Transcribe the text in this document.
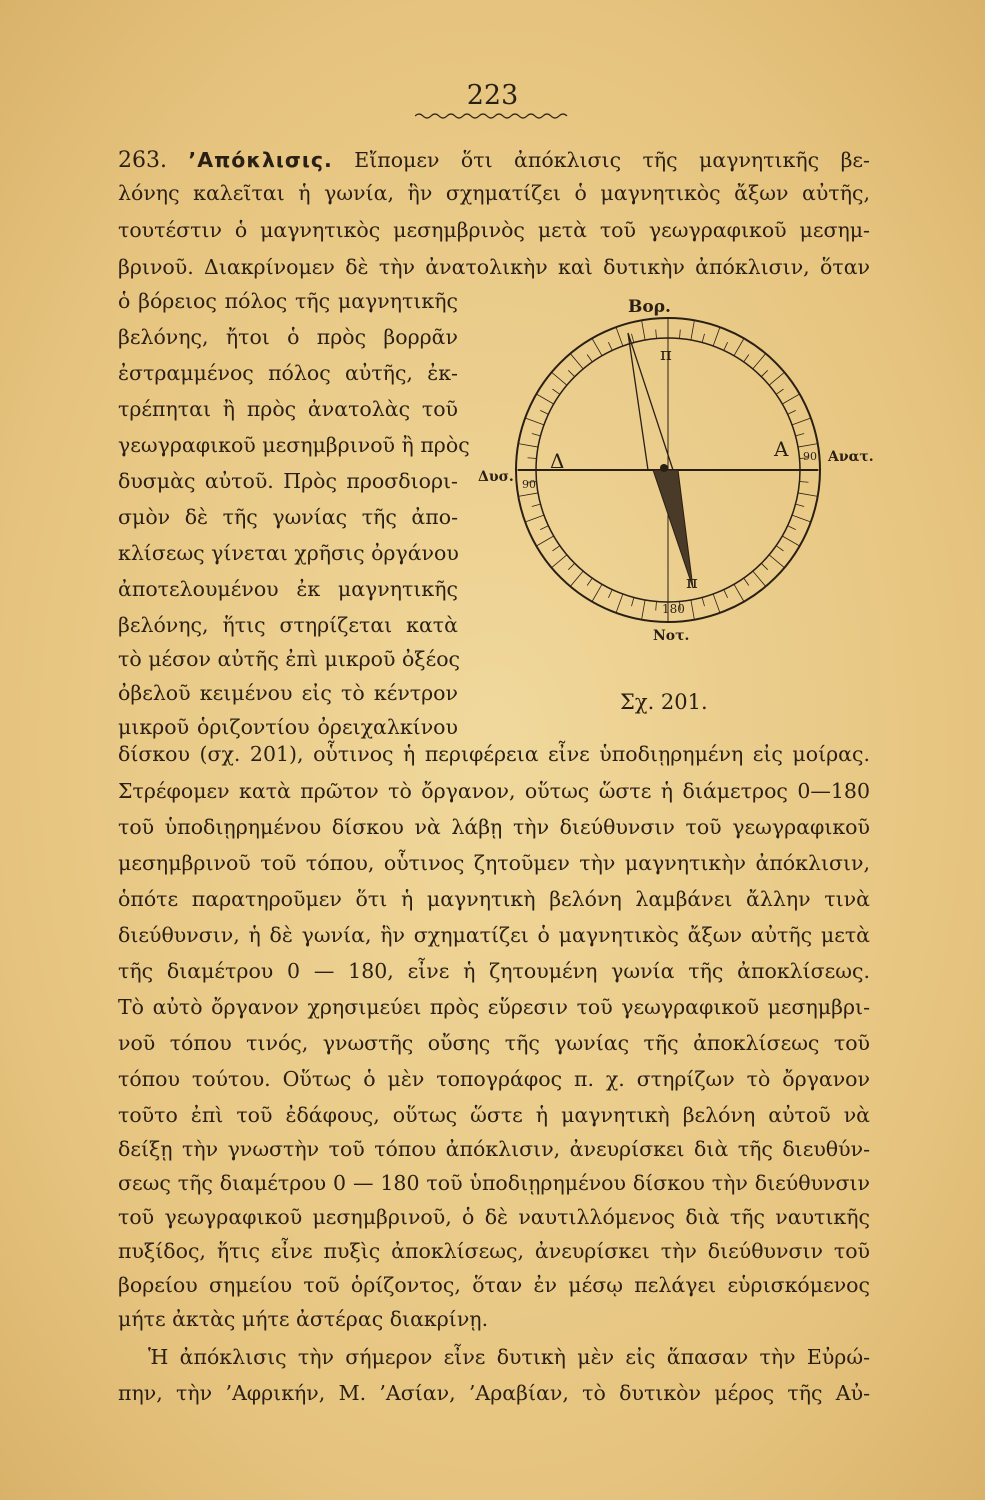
223
263. ’Απόκλισις. Εἴπομεν ὅτι ἀπόκλισις τῆς μαγνητικῆς βε-
λόνης καλεῖται ἡ γωνία, ἣν σχηματίζει ὁ μαγνητικὸς ἄξων αὐτῆς,
τουτέστιν ὁ μαγνητικὸς μεσημβρινὸς μετὰ τοῦ γεωγραφικοῦ μεσημ-
βρινοῦ. Διακρίνομεν δὲ τὴν ἀνατολικὴν καὶ δυτικὴν ἀπόκλισιν, ὅταν
ὁ βόρειος πόλος τῆς μαγνητικῆς
βελόνης, ἤτοι ὁ πρὸς βορρᾶν
ἐστραμμένος πόλος αὐτῆς, ἐκ-
τρέπηται ἢ πρὸς ἀνατολὰς τοῦ
γεωγραφικοῦ μεσημβρινοῦ ἢ πρὸς
δυσμὰς αὐτοῦ. Πρὸς προσδιορι-
σμὸν δὲ τῆς γωνίας τῆς ἀπο-
κλίσεως γίνεται χρῆσις ὀργάνου
ἀποτελουμένου ἐκ μαγνητικῆς
βελόνης, ἥτις στηρίζεται κατὰ
τὸ μέσον αὐτῆς ἐπὶ μικροῦ ὀξέος
ὀβελοῦ κειμένου εἰς τὸ κέντρον
μικροῦ ὁριζοντίου ὀρειχαλκίνου
Βορ.
Νοτ.
Δυσ.
Ανατ.
Δ	Α
π
π
180
90
90
Σχ. 201.
δίσκου (σχ. 201), οὗτινος ἡ περιφέρεια εἶνε ὑποδιῃρημένη εἰς μοίρας.
Στρέφομεν κατὰ πρῶτον τὸ ὄργανον, οὕτως ὥστε ἡ διάμετρος 0—180
τοῦ ὑποδιῃρημένου δίσκου νὰ λάβῃ τὴν διεύθυνσιν τοῦ γεωγραφικοῦ
μεσημβρινοῦ τοῦ τόπου, οὗτινος ζητοῦμεν τὴν μαγνητικὴν ἀπόκλισιν,
ὁπότε παρατηροῦμεν ὅτι ἡ μαγνητικὴ βελόνη λαμβάνει ἄλλην τινὰ
διεύθυνσιν, ἡ δὲ γωνία, ἣν σχηματίζει ὁ μαγνητικὸς ἄξων αὐτῆς μετὰ
τῆς διαμέτρου 0 — 180, εἶνε ἡ ζητουμένη γωνία τῆς ἀποκλίσεως.
Τὸ αὐτὸ ὄργανον χρησιμεύει πρὸς εὕρεσιν τοῦ γεωγραφικοῦ μεσημβρι-
νοῦ τόπου τινός, γνωστῆς οὔσης τῆς γωνίας τῆς ἀποκλίσεως τοῦ
τόπου τούτου. Οὕτως ὁ μὲν τοπογράφος π. χ. στηρίζων τὸ ὄργανον
τοῦτο ἐπὶ τοῦ ἐδάφους, οὕτως ὥστε ἡ μαγνητικὴ βελόνη αὐτοῦ νὰ
δείξῃ τὴν γνωστὴν τοῦ τόπου ἀπόκλισιν, ἀνευρίσκει διὰ τῆς διευθύν-
σεως τῆς διαμέτρου 0 — 180 τοῦ ὑποδιῃρημένου δίσκου τὴν διεύθυνσιν
τοῦ γεωγραφικοῦ μεσημβρινοῦ, ὁ δὲ ναυτιλλόμενος διὰ τῆς ναυτικῆς
πυξίδος, ἥτις εἶνε πυξὶς ἀποκλίσεως, ἀνευρίσκει τὴν διεύθυνσιν τοῦ
βορείου σημείου τοῦ ὁρίζοντος, ὅταν ἐν μέσῳ πελάγει εὑρισκόμενος
μήτε ἀκτὰς μήτε ἀστέρας διακρίνῃ.
Ἡ ἀπόκλισις τὴν σήμερον εἶνε δυτικὴ μὲν εἰς ἅπασαν τὴν Εὐρώ-
πην, τὴν ’Αφρικήν, Μ. ’Ασίαν, ’Αραβίαν, τὸ δυτικὸν μέρος τῆς Αὐ-
